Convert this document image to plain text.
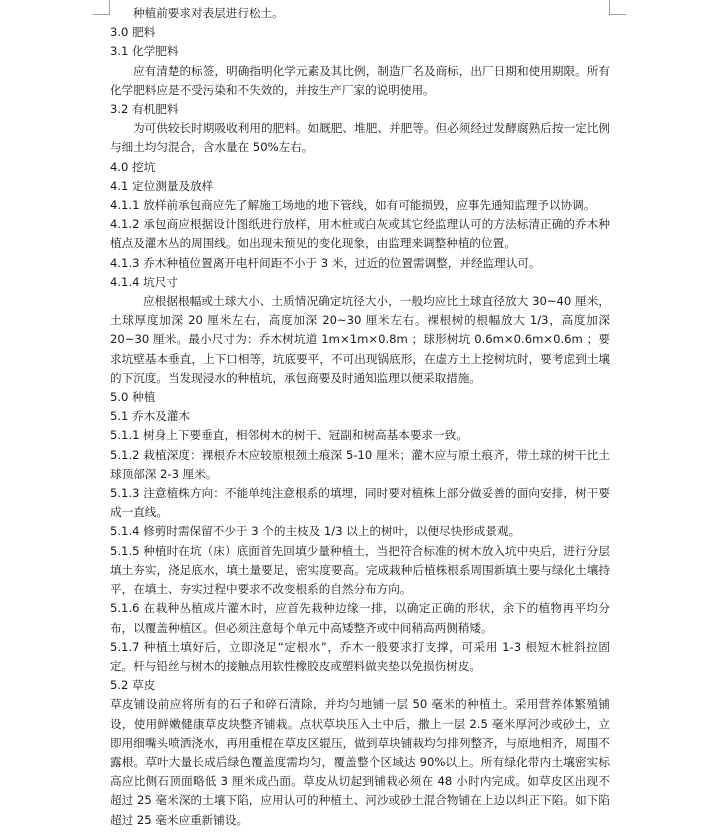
种植前要求对表层进行松土。

3.0 肥料

3.1 化学肥料

应有清楚的标签，明确指明化学元素及其比例，制造厂名及商标，出厂日期和使用期限。所有化学肥料应是不受污染和不失效的，并按生产厂家的说明使用。

3.2 有机肥料

为可供较长时期吸收利用的肥料。如厩肥、堆肥、并肥等。但必须经过发酵腐熟后按一定比例与细土均匀混合，含水量在 50%左右。

4.0 挖坑

4.1 定位测量及放样

4.1.1 放样前承包商应先了解施工场地的地下管线，如有可能损毁，应事先通知监理予以协调。

4.1.2 承包商应根据设计图纸进行放样，用木桩或白灰或其它经监理认可的方法标清正确的乔木种植点及灌木丛的周围线。如出现未预见的变化现象，由监理来调整种植的位置。

4.1.3 乔木种植位置离开电杆间距不小于 3 米，过近的位置需调整，并经监理认可。

4.1.4 坑尺寸

应根据根幅或土球大小、土质情况确定坑径大小，一般均应比土球直径放大 30~40 厘米，土球厚度加深 20 厘米左右，高度加深 20~30 厘米左右。裸根树的根幅放大 1/3，高度加深 20~30 厘米。最小尺寸为：乔木树坑道 1m×1m×0.8m ；球形树坑 0.6m×0.6m×0.6m ；要求坑壁基本垂直，上下口相等，坑底要平，不可出现锅底形，在虚方土上挖树坑时，要考虑到土壤的下沉度。当发现浸水的种植坑，承包商要及时通知监理以便采取措施。

5.0 种植

5.1 乔木及灌木

5.1.1 树身上下要垂直，相邻树木的树干、冠副和树高基本要求一致。

5.1.2 栽植深度：裸根乔木应较原根颈土痕深 5-10 厘米；灌木应与原土痕齐，带土球的树干比土球顶部深 2-3 厘米。

5.1.3 注意植株方向：不能单纯注意根系的填埋，同时要对植株上部分做妥善的面向安排，树干要成一直线。

5.1.4 修剪时需保留不少于 3 个的主枝及 1/3 以上的树叶，以便尽快形成景观。

5.1.5 种植时在坑（床）底面首先回填少量种植土，当把符合标准的树木放入坑中央后，进行分层填土夯实，浇足底水，填土量要足，密实度要高。完成栽种后植株根系周围新填土要与绿化土壤持平，在填土、夯实过程中要求不改变根系的自然分布方向。

5.1.6 在栽种丛植成片灌木时，应首先栽种边缘一排，以确定正确的形状，余下的植物再平均分布，以覆盖种植区。但必须注意每个单元中高矮整齐或中间稍高两侧稍矮。

5.1.7 种植土填好后，立即浇足“定根水”，乔木一般要求打支撑，可采用 1-3 根短木桩斜拉固定。杆与铅丝与树木的接触点用软性橡胶皮或塑料做夹垫以免损伤树皮。

5.2 草皮

草皮铺设前应将所有的石子和碎石清除，并均匀地铺一层 50 毫米的种植土。采用营养体繁殖铺设，使用鲜嫩健康草皮块整齐铺栽。点状草块压入土中后，撒上一层 2.5 毫米厚河沙或砂土，立即用细嘴头喷洒浇水，再用重棍在草皮区辊压，做到草块铺栽均匀排列整齐，与原地相齐，周围不露根。草叶大量长成后绿色覆盖度需均匀，覆盖整个区域达 90%以上。所有绿化带内土壤密实标高应比侧石顶面略低 3 厘米成凸面。草皮从切起到铺栽必须在 48 小时内完成。如草皮区出现不超过 25 毫米深的土壤下陷，应用认可的种植土、河沙或砂土混合物铺在上边以纠正下陷。如下陷超过 25 毫米应重新铺设。
